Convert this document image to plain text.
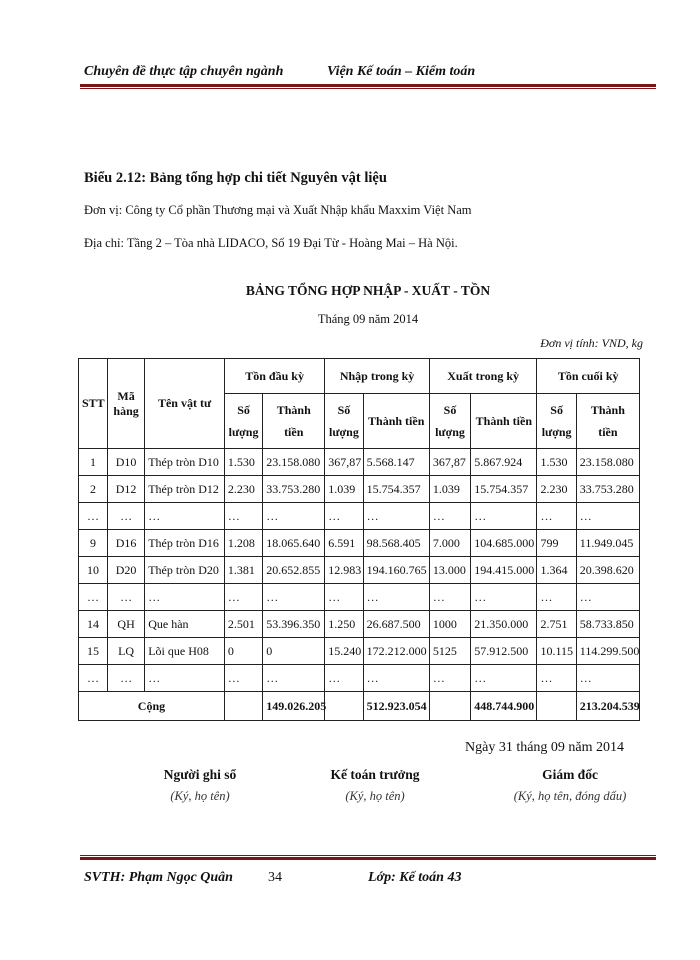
Chuyên đề thực tập chuyên ngành	Viện Kế toán – Kiểm toán
Biểu 2.12: Bảng tổng hợp chi tiết Nguyên vật liệu
Đơn vị: Công ty Cổ phần Thương mại và Xuất Nhập khẩu Maxxim Việt Nam
Địa chỉ: Tầng 2 – Tòa nhà LIDACO, Số 19 Đại Từ - Hoàng Mai – Hà Nội.
BẢNG TỔNG HỢP NHẬP - XUẤT - TỒN
Tháng 09 năm 2014
Đơn vị tính: VND, kg
STT	Mã hàng	Tên vật tư	Tồn đầu kỳ		Nhập trong kỳ		Xuất trong kỳ		Tồn cuối kỳ	
			Số lượng	Thành tiền	Số lượng	Thành tiền	Số lượng	Thành tiền	Số lượng	Thành tiền
1	D10	Thép tròn D10	1.530	23.158.080	367,87	5.568.147	367,87	5.867.924	1.530	23.158.080
2	D12	Thép tròn D12	2.230	33.753.280	1.039	15.754.357	1.039	15.754.357	2.230	33.753.280
…	…	…	…	…	…	…	…	…	…	…
9	D16	Thép tròn D16	1.208	18.065.640	6.591	98.568.405	7.000	104.685.000	799	11.949.045
10	D20	Thép tròn D20	1.381	20.652.855	12.983	194.160.765	13.000	194.415.000	1.364	20.398.620
…	…	…	…	…	…	…	…	…	…	…
14	QH	Que hàn	2.501	53.396.350	1.250	26.687.500	1000	21.350.000	2.751	58.733.850
15	LQ	Lõi que H08	0	0	15.240	172.212.000	5125	57.912.500	10.115	114.299.500
…	…	…	…	…	…	…	…	…	…	…
Cộng				149.026.205		512.923.054		448.744.900		213.204.539
Ngày 31 tháng 09 năm 2014
Người ghi sổ
(Ký, họ tên)
Kế toán trưởng
(Ký, họ tên)
Giám đốc
(Ký, họ tên, đóng dấu)
SVTH: Phạm Ngọc Quân	34	Lớp: Kế toán 43
